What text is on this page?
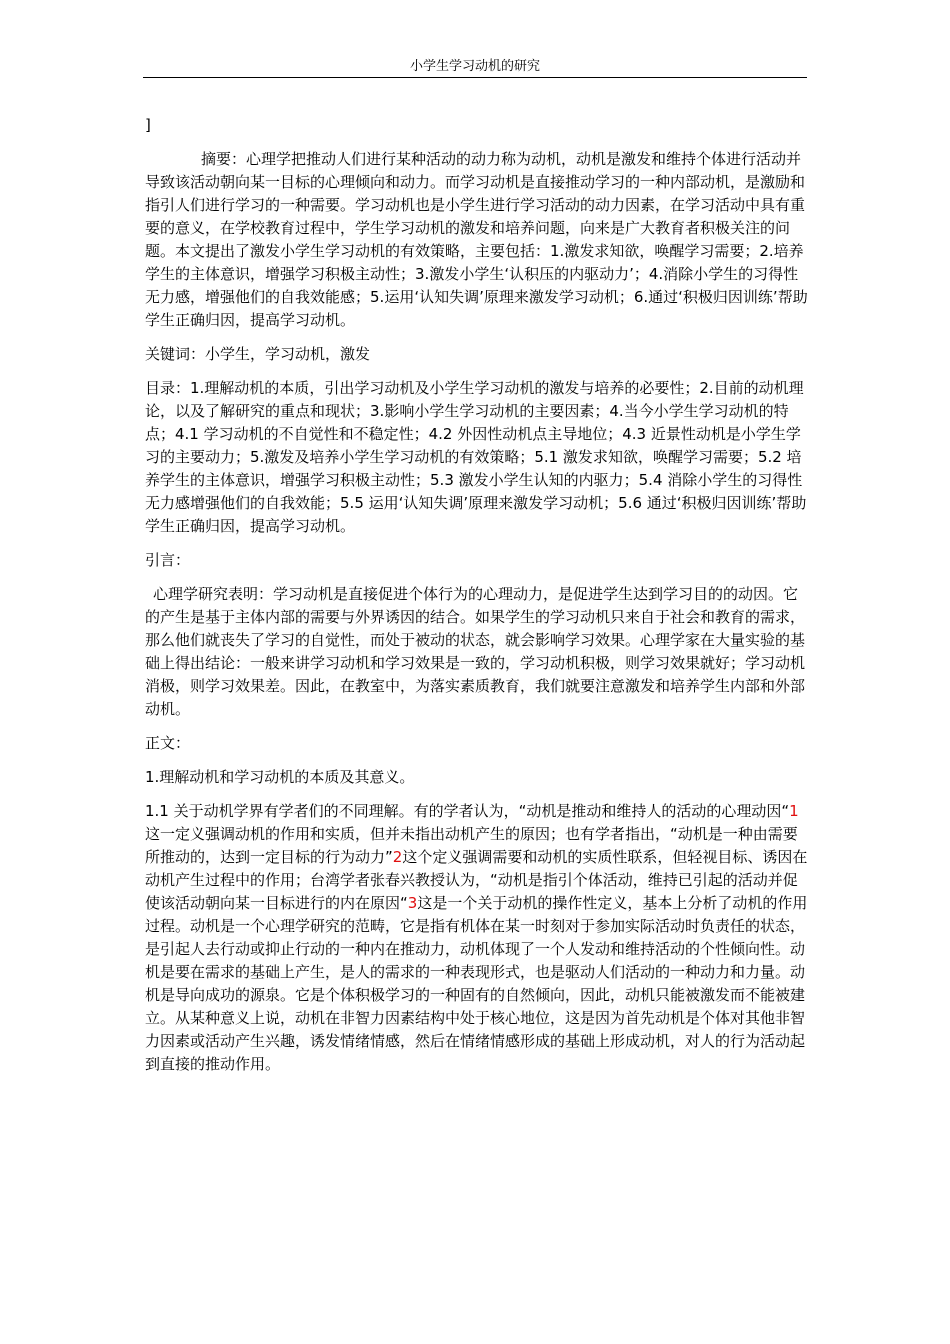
小学生学习动机的研究

]

摘要：心理学把推动人们进行某种活动的动力称为动机，动机是激发和维持个体进行活动并导致该活动朝向某一目标的心理倾向和动力。而学习动机是直接推动学习的一种内部动机，是激励和指引人们进行学习的一种需要。学习动机也是小学生进行学习活动的动力因素，在学习活动中具有重要的意义，在学校教育过程中，学生学习动机的激发和培养问题，向来是广大教育者积极关注的问题。本文提出了激发小学生学习动机的有效策略，主要包括：1.激发求知欲，唤醒学习需要；2.培养学生的主体意识，增强学习积极主动性；3.激发小学生‘认积压的内驱动力’；4.消除小学生的习得性无力感，增强他们的自我效能感；5.运用‘认知失调’原理来激发学习动机；6.通过‘积极归因训练’帮助学生正确归因，提高学习动机。

关键词：小学生，学习动机，激发

目录：1.理解动机的本质，引出学习动机及小学生学习动机的激发与培养的必要性；2.目前的动机理论，以及了解研究的重点和现状；3.影响小学生学习动机的主要因素；4.当今小学生学习动机的特点；4.1 学习动机的不自觉性和不稳定性；4.2 外因性动机点主导地位；4.3 近景性动机是小学生学习的主要动力；5.激发及培养小学生学习动机的有效策略；5.1 激发求知欲，唤醒学习需要；5.2 培养学生的主体意识，增强学习积极主动性；5.3 激发小学生认知的内驱力；5.4 消除小学生的习得性无力感增强他们的自我效能；5.5 运用‘认知失调’原理来激发学习动机；5.6 通过‘积极归因训练’帮助学生正确归因，提高学习动机。

引言：

心理学研究表明：学习动机是直接促进个体行为的心理动力，是促进学生达到学习目的的动因。它的产生是基于主体内部的需要与外界诱因的结合。如果学生的学习动机只来自于社会和教育的需求，那么他们就丧失了学习的自觉性，而处于被动的状态，就会影响学习效果。心理学家在大量实验的基础上得出结论：一般来讲学习动机和学习效果是一致的，学习动机积极，则学习效果就好；学习动机消极，则学习效果差。因此，在教室中，为落实素质教育，我们就要注意激发和培养学生内部和外部动机。

正文：

1.理解动机和学习动机的本质及其意义。

1.1 关于动机学界有学者们的不同理解。有的学者认为，“动机是推动和维持人的活动的心理动因“1这一定义强调动机的作用和实质，但并未指出动机产生的原因；也有学者指出，“动机是一种由需要所推动的，达到一定目标的行为动力”2这个定义强调需要和动机的实质性联系，但轻视目标、诱因在动机产生过程中的作用；台湾学者张春兴教授认为，“动机是指引个体活动，维持已引起的活动并促使该活动朝向某一目标进行的内在原因“3这是一个关于动机的操作性定义，基本上分析了动机的作用过程。动机是一个心理学研究的范畴，它是指有机体在某一时刻对于参加实际活动时负责任的状态，是引起人去行动或抑止行动的一种内在推动力，动机体现了一个人发动和维持活动的个性倾向性。动机是要在需求的基础上产生，是人的需求的一种表现形式，也是驱动人们活动的一种动力和力量。动机是导向成功的源泉。它是个体积极学习的一种固有的自然倾向，因此，动机只能被激发而不能被建立。从某种意义上说，动机在非智力因素结构中处于核心地位，这是因为首先动机是个体对其他非智力因素或活动产生兴趣，诱发情绪情感，然后在情绪情感形成的基础上形成动机，对人的行为活动起到直接的推动作用。
